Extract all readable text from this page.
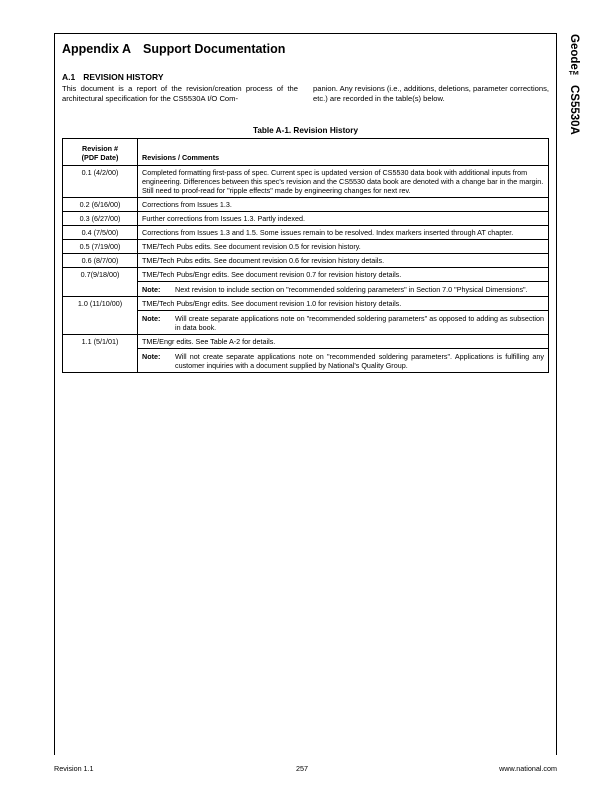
Geode™ CS5530A
Appendix A Support Documentation
A.1 REVISION HISTORY
This document is a report of the revision/creation process of the architectural specification for the CS5530A I/O Com-
panion. Any revisions (i.e., additions, deletions, parameter corrections, etc.) are recorded in the table(s) below.
Table A-1. Revision History
Revision #
(PDF Date)	Revisions / Comments
0.1 (4/2/00)	Completed formatting first-pass of spec. Current spec is updated version of CS5530 data book with additional inputs from engineering. Differences between this spec's revision and the CS5530 data book are denoted with a change bar in the margin. Still need to proof-read for "ripple effects" made by engineering changes for next rev.

0.2 (6/16/00)	Corrections from Issues 1.3.

0.3 (6/27/00)	Further corrections from Issues 1.3. Partly indexed.

0.4 (7/5/00)	Corrections from Issues 1.3 and 1.5. Some issues remain to be resolved. Index markers inserted through AT chapter.

0.5 (7/19/00)	TME/Tech Pubs edits. See document revision 0.5 for revision history.

0.6 (8/7/00)	TME/Tech Pubs edits. See document revision 0.6 for revision history details.

0.7(9/18/00)	TME/Tech Pubs/Engr edits. See document revision 0.7 for revision history details.
Note: Next revision to include section on "recommended soldering parameters" in Section 7.0 "Physical Dimensions".

1.0 (11/10/00)	TME/Tech Pubs/Engr edits. See document revision 1.0 for revision history details.
Note: Will create separate applications note on "recommended soldering parameters" as opposed to adding as subsection in data book.

1.1 (5/1/01)	TME/Engr edits. See Table A-2 for details.
Note: Will not create separate applications note on "recommended soldering parameters". Applications is fulfilling any customer inquiries with a document supplied by National's Quality Group.
Revision 1.1	257	www.national.com
